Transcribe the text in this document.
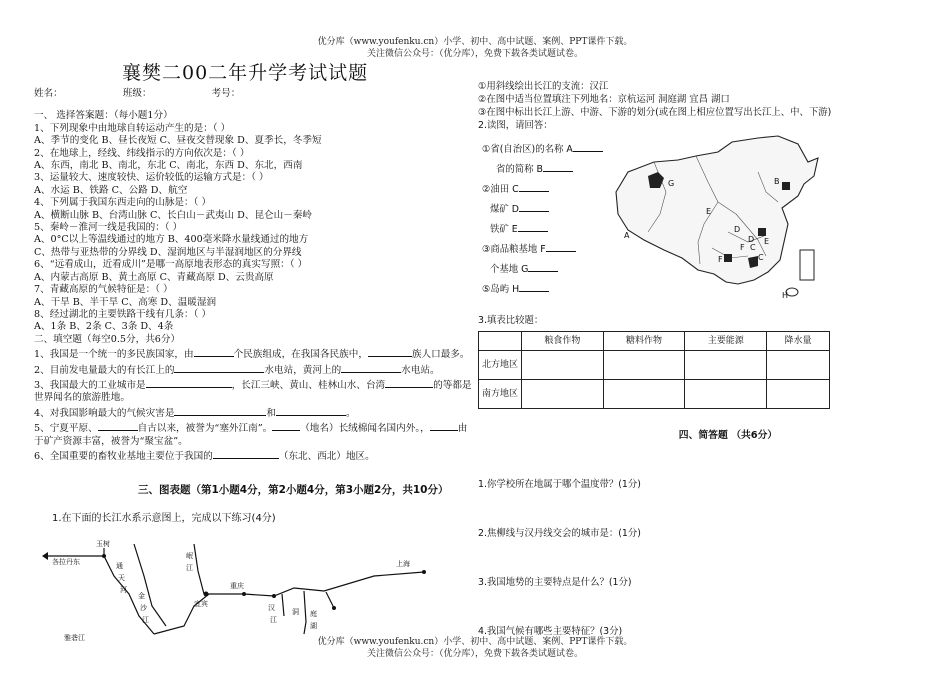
优分库（www.youfenku.cn）小学、初中、高中试题、案例、PPT课件下载。
关注微信公众号：（优分库），免费下载各类试题试卷。
襄樊二00二年升学考试试题
姓名：	班级：	考号：
一、 选择答案题：（每小题1分）
1、下列现象中由地球自转运动产生的是：（ ）
A、季节的变化 B、昼长夜短 C、昼夜交替现象 D、夏季长，冬季短
2、在地球上，经线、纬线指示的方向依次是：（ ）
A、东西，南北 B、南北，东北 C、南北，东西 D、东北，西南
3、运量较大、速度较快、运价较低的运输方式是：（ ）
A、水运 B、铁路 C、公路 D、航空
4、下列属于我国东西走向的山脉是：（ ）
A、横断山脉 B、台湾山脉 C、长白山－武夷山 D、昆仑山－秦岭
5、秦岭－淮河一线是我国的：（ ）
A、0°C以上等温线通过的地方 B、400毫米降水量线通过的地方
C、热带与亚热带的分界线 D、湿润地区与半湿润地区的分界线
6、“远看成山，近看成川”是哪一高原地表形态的真实写照：（ ）
A、内蒙古高原 B、黄土高原 C、青藏高原 D、云贵高原
7、青藏高原的气候特征是：（ ）
A、干旱 B、半干旱 C、高寒 D、温暖湿润
8、经过湖北的主要铁路干线有几条：（ ）
A、1条 B、2条 C、3条 D、4条
二、填空题（每空0.5分，共6分）
1、我国是一个统一的多民族国家，由	个民族组成，在我国各民族中，	族人口最多。
2、目前发电量最大的有长江上的	水电站，黄河上的	水电站。
3、我国最大的工业城市是	，长江三峡、黄山、桂林山水、台湾	的等都是
世界闻名的旅游胜地。
4、对我国影响最大的气候灾害是	和	。
5、宁夏平原、	自古以来，被誉为“塞外江南”。	（地名）长绒棉闻名国内外。，	由
于矿产资源丰富，被誉为“聚宝盆”。
6、全国重要的畜牧业基地主要位于我国的	（东北、西北）地区。
三、图表题（第1小题4分，第2小题4分，第3小题2分，共10分）
1.在下面的长江水系示意图上，完成以下练习(4分)
各拉丹东
玉树
通
天
河
金
沙
江
雅砻江
岷
江
重庆
宜宾	汉
江
洞 庭
湖
上海
①用斜线绘出长江的支流：汉江
②在图中适当位置填注下列地名：京杭运河 洞庭湖 宜昌 湖口
③在图中标出长江上游、中游、下游的划分(或在图上相应位置写出长江上、中、下游)
2.读图，请回答：
①省(自治区)的名称 A
省的简称 B
②油田 C
煤矿 D
铁矿 E
③商品粮基地 F
个基地 G
⑤岛屿 H
A
B
C
D
E
F
G
H
D E
C
F
3.填表比较题：
	粮食作物	糖料作物	主要能源	降水量
北方地区				
南方地区				
四、简答题 （共6分）
1.你学校所在地属于哪个温度带？(1分)
2.焦柳线与汉丹线交会的城市是：(1分)
3.我国地势的主要特点是什么？(1分)
4.我国气候有哪些主要特征？(3分)
优分库（www.youfenku.cn）小学、初中、高中试题、案例、PPT课件下载。
关注微信公众号：（优分库），免费下载各类试题试卷。
